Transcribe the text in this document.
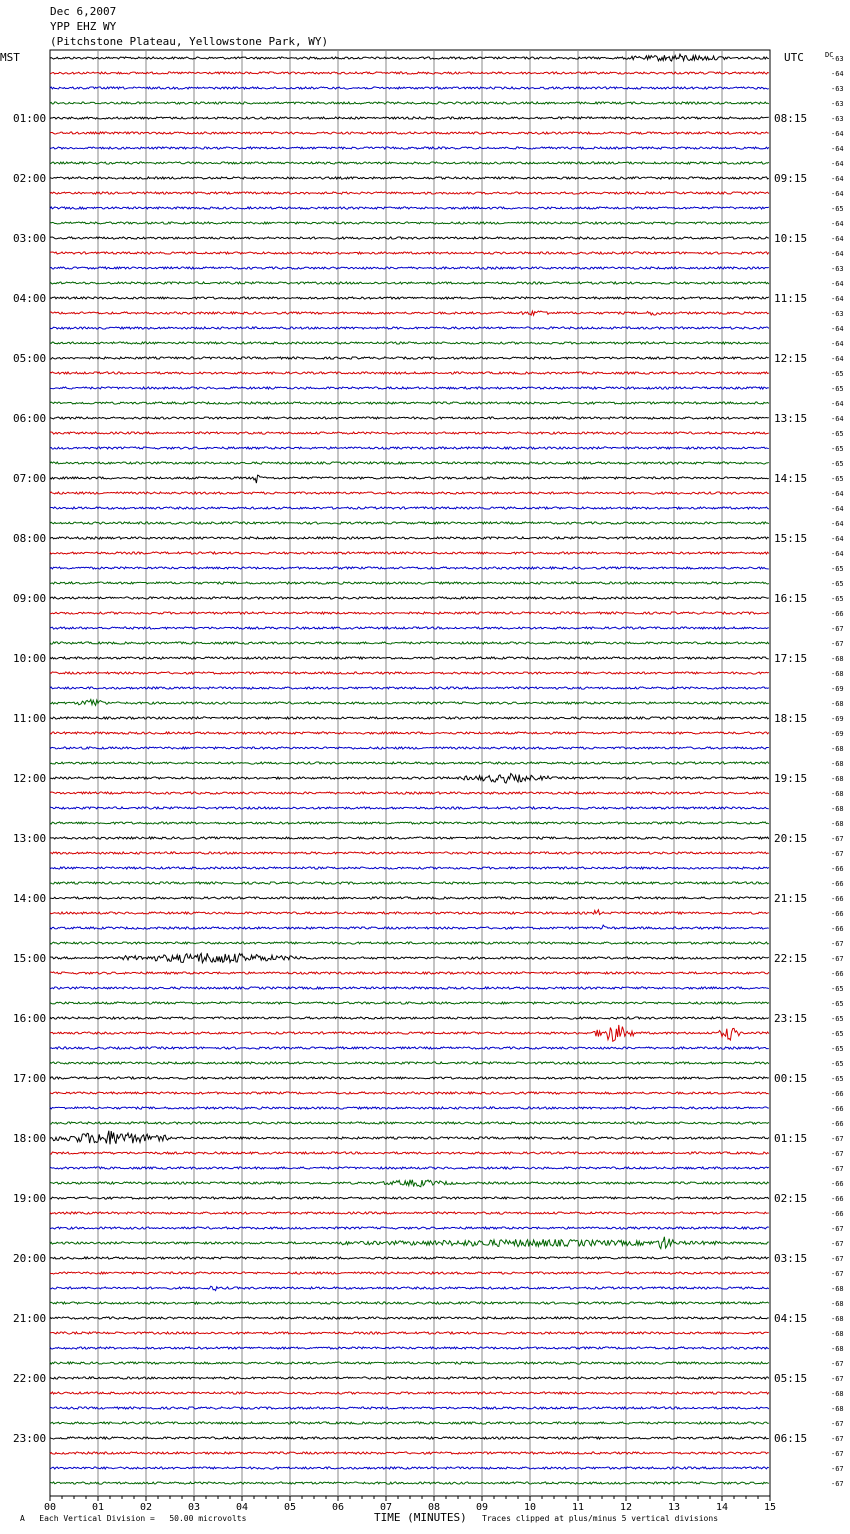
Dec 6,2007
YPP EHZ WY
(Pitchstone Plateau, Yellowstone Park, WY)
-63
-64
-63
-63
-63
-64
-64
-64
-64
-64
-65
-64
-64
-64
-63
-64
-64
-63
-64
-64
-64
-65
-65
-64
-64
-65
-65
-65
-65
-64
-64
-64
-64
-64
-65
-65
-65
-66
-67
-67
-68
-68
-69
-68
-69
-69
-68
-68
-68
-68
-68
-68
-67
-67
-66
-66
-66
-66
-66
-67
-67
-66
-65
-65
-65
-65
-65
-65
-65
-66
-66
-66
-67
-67
-67
-66
-66
-66
-67
-67
-67
-67
-68
-68
-68
-68
-68
-67
-67
-68
-68
-67
-67
-67
-67
-67
01:00
02:00
03:00
04:00
05:00
06:00
07:00
08:00
09:00
10:00
11:00
12:00
13:00
14:00
15:00
16:00
17:00
18:00
19:00
20:00
21:00
22:00
23:00
08:15
09:15
10:15
11:15
12:15
13:15
14:15
15:15
16:15
17:15
18:15
19:15
20:15
21:15
22:15
23:15
00:15
01:15
02:15
03:15
04:15
05:15
06:15
00	01	02	03	04	05	06	07	08	09	10	11	12	13	14	15
MST	UTC	DC
A Each Vertical Division =   50.00 microvolts	TIME (MINUTES) Traces clipped at plus/minus 5 vertical divisions
